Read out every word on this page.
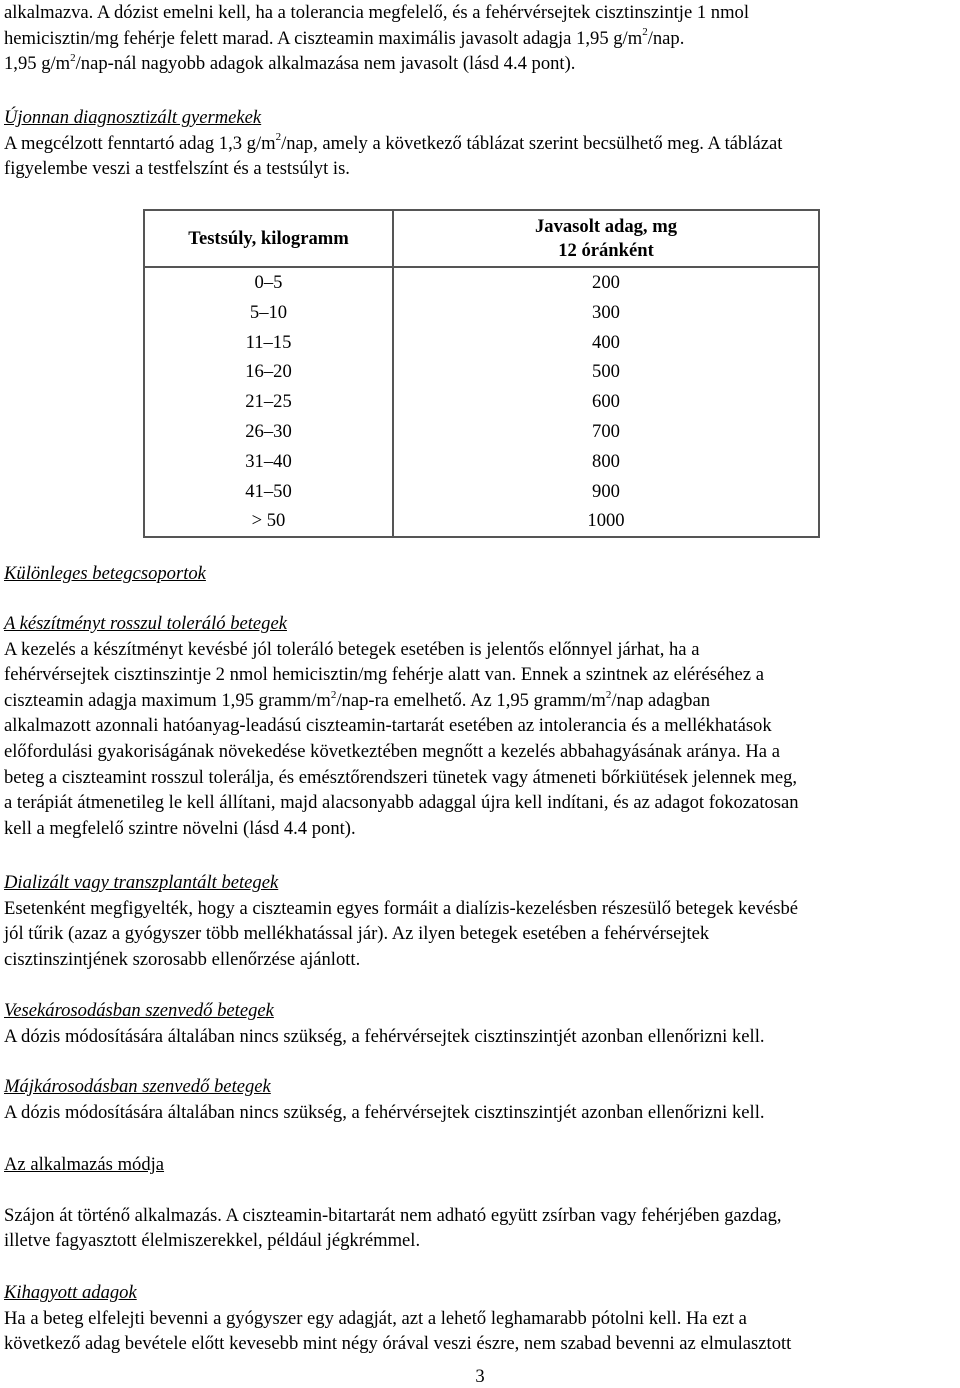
alkalmazva. A dózist emelni kell, ha a tolerancia megfelelő, és a fehérvérsejtek cisztinszintje 1 nmol

hemicisztin/mg fehérje felett marad. A ciszteamin maximális javasolt adagja 1,95 $g/m^2$/nap.

1,95 $g/m^2/nap$-nál nagyobb adagok alkalmazása nem javasolt (lásd 4.4 pont).

Újonnan diagnosztizált gyermekek

A megcélzott fenntartó adag 1,3 $g/m^2$/nap, amely a következő táblázat szerint becsülhető meg. A táblázat

figyelembe veszi a testfelszínt és a testsúlyt is.

Testsúly, kilogramm	Javasolt adag, mg
12 óránként
0–5	200
5–10	300
11–15	400
16–20	500
21–25	600
26–30	700
31–40	800
41–50	900
> 50	1000

Különleges betegcsoportok

A készítményt rosszul toleráló betegek

A kezelés a készítményt kevésbé jól toleráló betegek esetében is jelentős előnnyel járhat, ha a

fehérvérsejtek cisztinszintje 2 nmol hemicisztin/mg fehérje alatt van. Ennek a szintnek az eléréséhez a

ciszteamin adagja maximum 1,95 gramm/$m^2/nap-ra$ emelhető. Az 1,95 gramm/$m^2$/nap adagban

alkalmazott azonnali hatóanyag-leadású ciszteamin-tartarát esetében az intolerancia és a mellékhatások

előfordulási gyakoriságának növekedése következtében megnőtt a kezelés abbahagyásának aránya. Ha a

beteg a ciszteamint rosszul tolerálja, és emésztőrendszeri tünetek vagy átmeneti bőrkiütések jelennek meg,

a terápiát átmenetileg le kell állítani, majd alacsonyabb adaggal újra kell indítani, és az adagot fokozatosan

kell a megfelelő szintre növelni (lásd 4.4 pont).

Dializált vagy transzplantált betegek

Esetenként megfigyelték, hogy a ciszteamin egyes formáit a dialízis-kezelésben részesülő betegek kevésbé

jól tűrik (azaz a gyógyszer több mellékhatással jár). Az ilyen betegek esetében a fehérvérsejtek

cisztinszintjének szorosabb ellenőrzése ajánlott.

Vesekárosodásban szenvedő betegek

A dózis módosítására általában nincs szükség, a fehérvérsejtek cisztinszintjét azonban ellenőrizni kell.

Májkárosodásban szenvedő betegek

A dózis módosítására általában nincs szükség, a fehérvérsejtek cisztinszintjét azonban ellenőrizni kell.

Az alkalmazás módja

Szájon át történő alkalmazás. A ciszteamin-bitartarát nem adható együtt zsírban vagy fehérjében gazdag,

illetve fagyasztott élelmiszerekkel, például jégkrémmel.

Kihagyott adagok

Ha a beteg elfelejti bevenni a gyógyszer egy adagját, azt a lehető leghamarabb pótolni kell. Ha ezt a

következő adag bevétele előtt kevesebb mint négy órával veszi észre, nem szabad bevenni az elmulasztott

3
